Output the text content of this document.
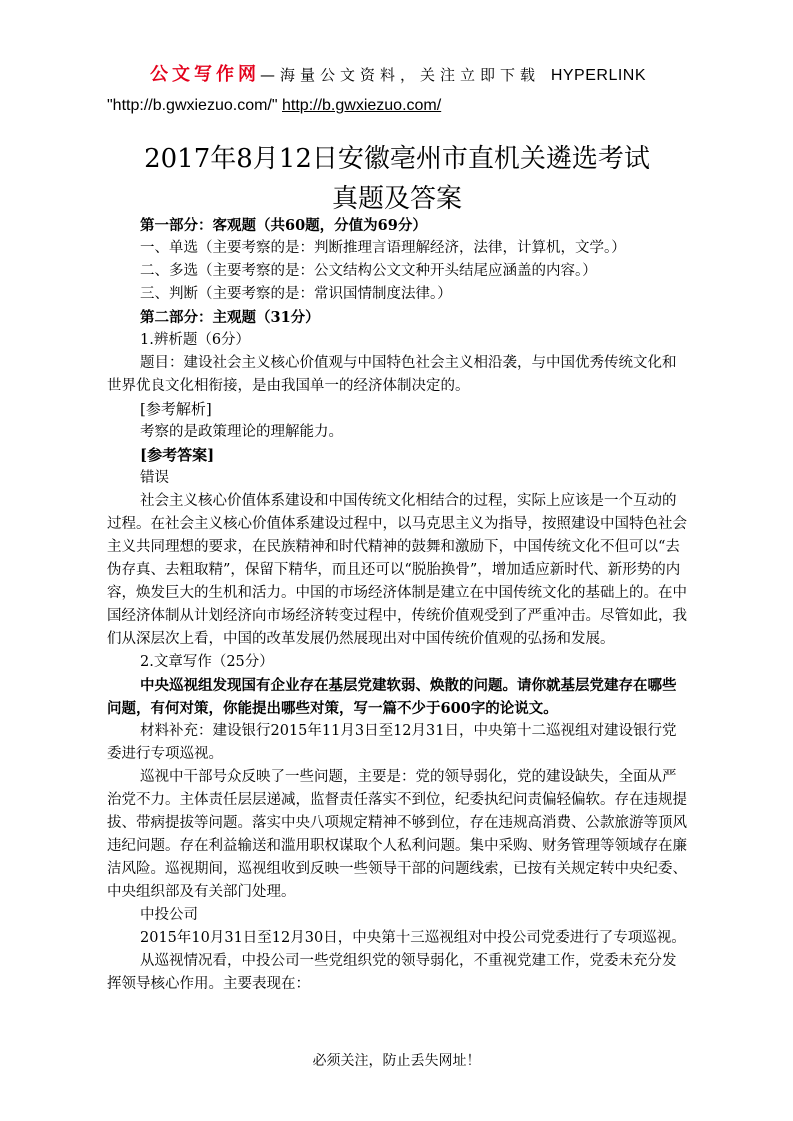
公文写作网—海量公文资料，关注立即下载 HYPERLINK
"http://b.gwxiezuo.com/" http://b.gwxiezuo.com/
2017年8月12日安徽亳州市直机关遴选考试
真题及答案

第一部分：客观题（共60题，分值为69分）

一、单选（主要考察的是：判断推理言语理解经济，法律，计算机，文学。）

二、多选（主要考察的是：公文结构公文文种开头结尾应涵盖的内容。）

三、判断（主要考察的是：常识国情制度法律。）

第二部分：主观题（31分）

1.辨析题（6分）

题目：建设社会主义核心价值观与中国特色社会主义相沿袭，与中国优秀传统文化和世界优良文化相衔接，是由我国单一的经济体制决定的。

[参考解析]

考察的是政策理论的理解能力。

[参考答案]

错误

社会主义核心价值体系建设和中国传统文化相结合的过程，实际上应该是一个互动的过程。在社会主义核心价值体系建设过程中，以马克思主义为指导，按照建设中国特色社会主义共同理想的要求，在民族精神和时代精神的鼓舞和激励下，中国传统文化不但可以“去伪存真、去粗取精”，保留下精华，而且还可以“脱胎换骨”，增加适应新时代、新形势的内容，焕发巨大的生机和活力。中国的市场经济体制是建立在中国传统文化的基础上的。在中国经济体制从计划经济向市场经济转变过程中，传统价值观受到了严重冲击。尽管如此，我们从深层次上看，中国的改革发展仍然展现出对中国传统价值观的弘扬和发展。

2.文章写作（25分）

中央巡视组发现国有企业存在基层党建软弱、焕散的问题。请你就基层党建存在哪些问题，有何对策，你能提出哪些对策，写一篇不少于600字的论说文。

材料补充：建设银行2015年11月3日至12月31日，中央第十二巡视组对建设银行党委进行专项巡视。

巡视中干部号众反映了一些问题，主要是：党的领导弱化，党的建设缺失，全面从严治党不力。主体责任层层递减，监督责任落实不到位，纪委执纪问责偏轻偏软。存在违规提拔、带病提拔等问题。落实中央八项规定精神不够到位，存在违规高消费、公款旅游等顶风违纪问题。存在利益输送和滥用职权谋取个人私利问题。集中采购、财务管理等领域存在廉洁风险。巡视期间，巡视组收到反映一些领导干部的问题线索，已按有关规定转中央纪委、中央组织部及有关部门处理。

中投公司

2015年10月31日至12月30日，中央第十三巡视组对中投公司党委进行了专项巡视。

从巡视情况看，中投公司一些党组织党的领导弱化，不重视党建工作，党委未充分发挥领导核心作用。主要表现在：

必须关注，防止丢失网址！
